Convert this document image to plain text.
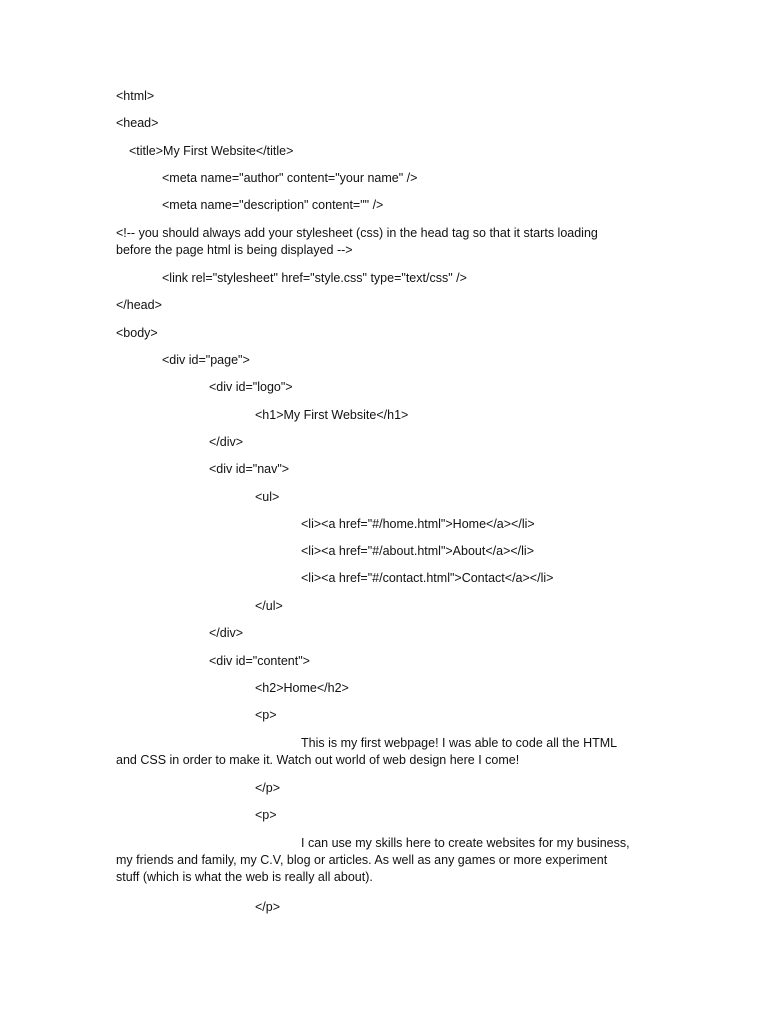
<html>
<head>
<title>My First Website</title>
<meta name="author" content="your name" />
<meta name="description" content="" />
<!-- you should always add your stylesheet (css) in the head tag so that it starts loading before the page html is being displayed -->
<link rel="stylesheet" href="style.css" type="text/css" />
</head>
<body>
<div id="page">
<div id="logo">
<h1>My First Website</h1>
</div>
<div id="nav">
<ul>
<li><a href="#/home.html">Home</a></li>
<li><a href="#/about.html">About</a></li>
<li><a href="#/contact.html">Contact</a></li>
</ul>
</div>
<div id="content">
<h2>Home</h2>
<p>
This is my first webpage! I was able to code all the HTML and CSS in order to make it. Watch out world of web design here I come!
</p>
<p>
I can use my skills here to create websites for my business, my friends and family, my C.V, blog or articles. As well as any games or more experiment stuff (which is what the web is really all about).
</p>
